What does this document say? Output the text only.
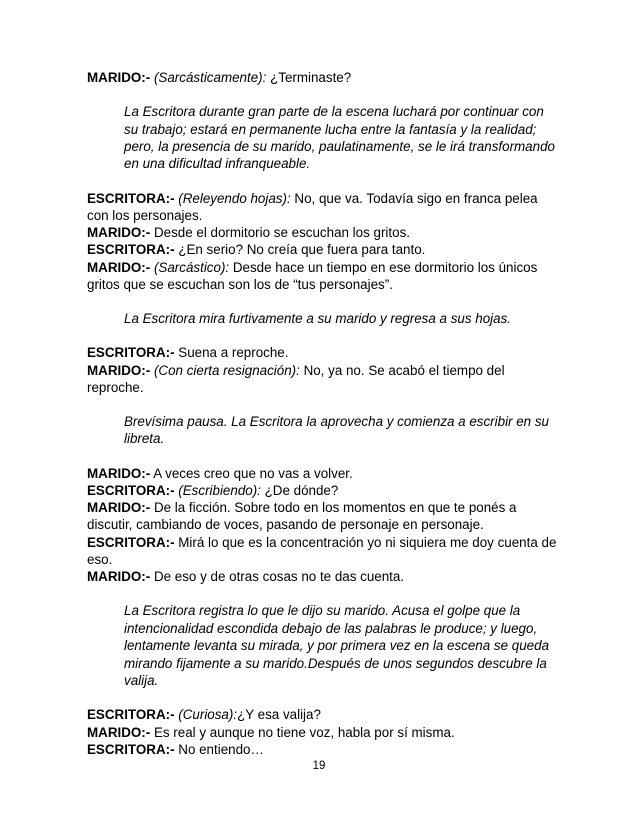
MARIDO:- (Sarcásticamente): ¿Terminaste?

La Escritora durante gran parte de la escena luchará por continuar con su trabajo; estará en permanente lucha entre la fantasía y la realidad; pero, la presencia de su marido, paulatinamente, se le irá transformando en una dificultad infranqueable.

ESCRITORA:- (Releyendo hojas): No, que va. Todavía sigo en franca pelea con los personajes.

MARIDO:- Desde el dormitorio se escuchan los gritos.

ESCRITORA:- ¿En serio? No creía que fuera para tanto.

MARIDO:- (Sarcástico): Desde hace un tiempo en ese dormitorio los únicos gritos que se escuchan son los de “tus personajes”.

La Escritora mira furtivamente a su marido y regresa a sus hojas.

ESCRITORA:- Suena a reproche.

MARIDO:- (Con cierta resignación): No, ya no. Se acabó el tiempo del reproche.

Brevísima pausa. La Escritora la aprovecha y comienza a escribir en su libreta.

MARIDO:- A veces creo que no vas a volver.

ESCRITORA:- (Escribiendo): ¿De dónde?

MARIDO:- De la ficción. Sobre todo en los momentos en que te ponés a discutir, cambiando de voces, pasando de personaje en personaje.

ESCRITORA:- Mirá lo que es la concentración yo ni siquiera me doy cuenta de eso.

MARIDO:- De eso y de otras cosas no te das cuenta.

La Escritora registra lo que le dijo su marido. Acusa el golpe que la intencionalidad escondida debajo de las palabras le produce; y luego, lentamente levanta su mirada, y por primera vez en la escena se queda mirando fijamente a su marido.Después de unos segundos descubre la valija.

ESCRITORA:- (Curiosa):¿Y esa valija?

MARIDO:- Es real y aunque no tiene voz, habla por sí misma.

ESCRITORA:- No entiendo…

19
